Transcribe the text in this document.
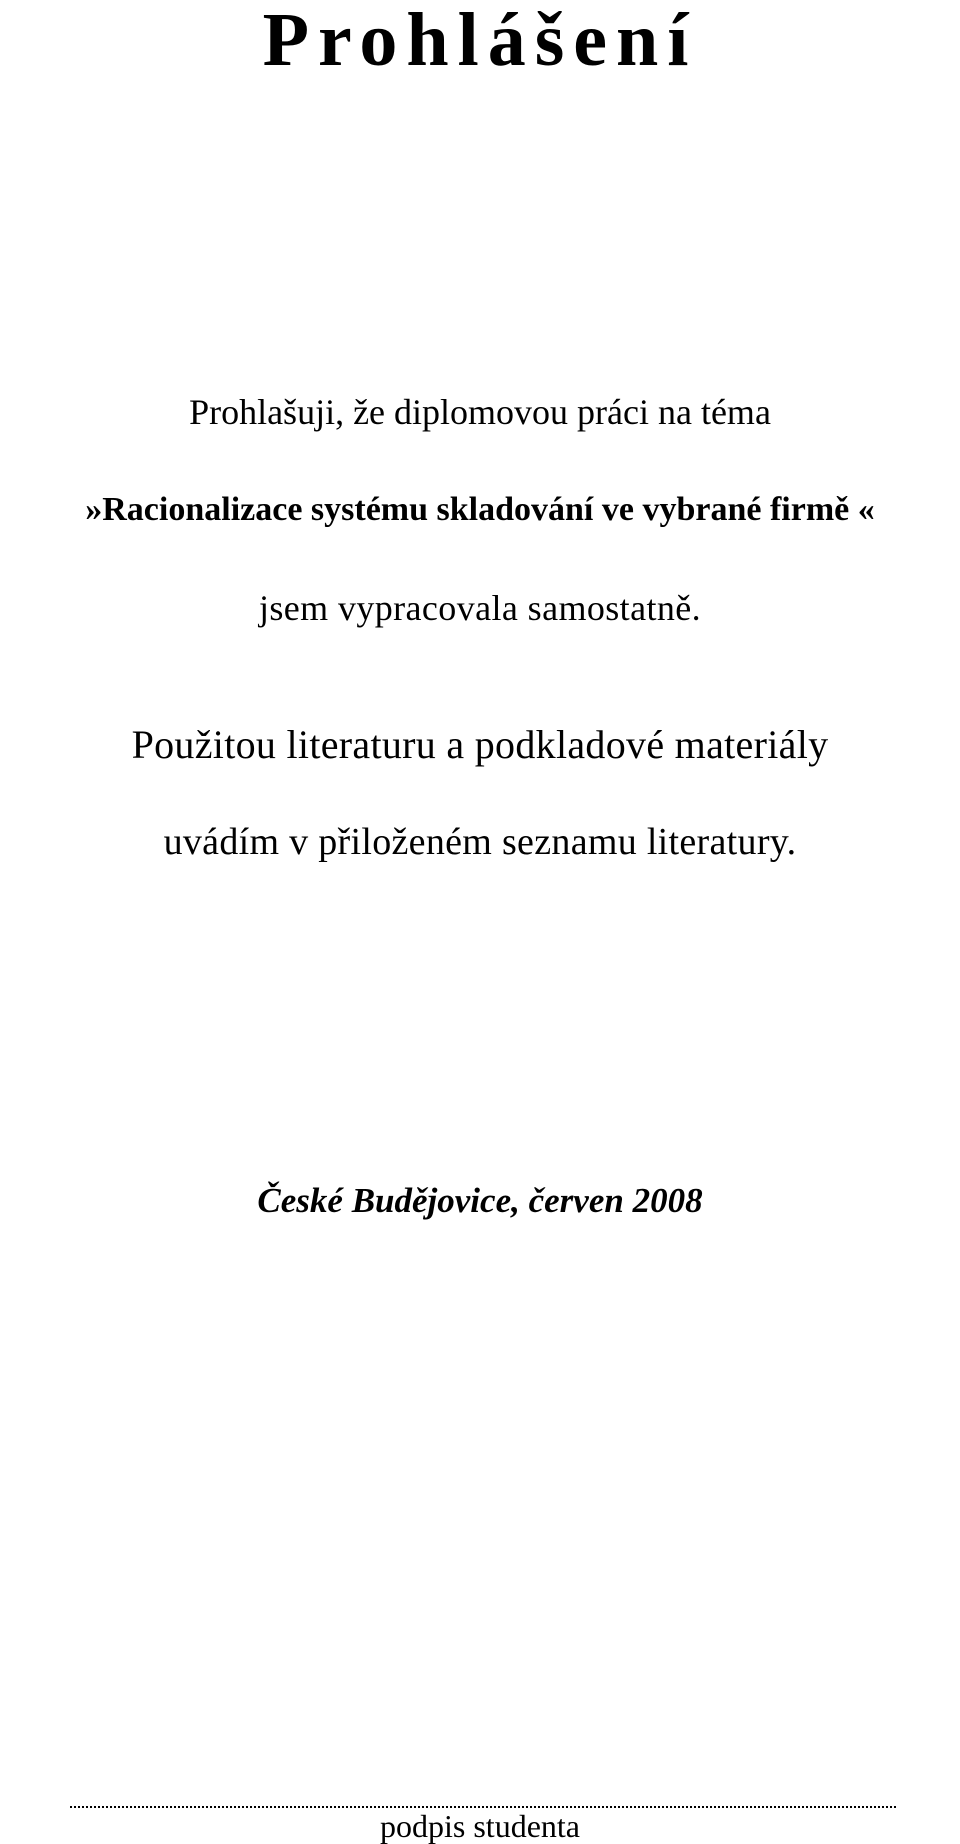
Prohlášení
Prohlašuji, že diplomovou práci na téma
»Racionalizace systému skladování ve vybrané firmě «
jsem vypracovala samostatně.
Použitou literaturu a podkladové materiály
uvádím v přiloženém seznamu literatury.
České Budějovice, červen 2008
podpis studenta
